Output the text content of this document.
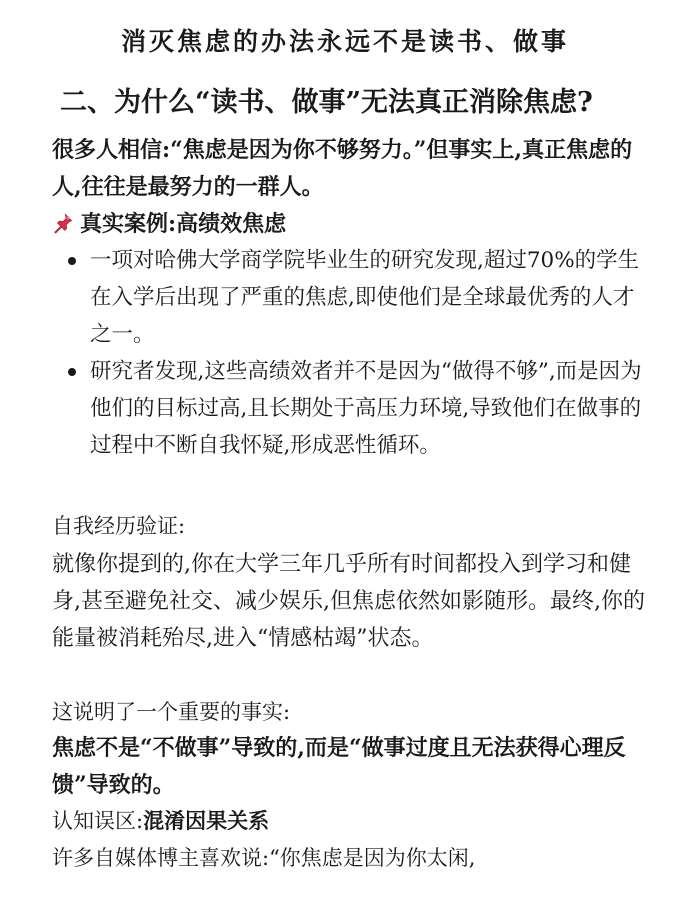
消灭焦虑的办法永远不是读书、做事
二、为什么“读书、做事”无法真正消除焦虑?
很多人相信:“焦虑是因为你不够努力。”但事实上,真正焦虑的人,往往是最努力的一群人。
真实案例:高绩效焦虑
一项对哈佛大学商学院毕业生的研究发现,超过70%的学生在入学后出现了严重的焦虑,即使他们是全球最优秀的人才之一。
研究者发现,这些高绩效者并不是因为“做得不够”,而是因为他们的目标过高,且长期处于高压力环境,导致他们在做事的过程中不断自我怀疑,形成恶性循环。
自我经历验证:
就像你提到的,你在大学三年几乎所有时间都投入到学习和健身,甚至避免社交、减少娱乐,但焦虑依然如影随形。最终,你的能量被消耗殆尽,进入“情感枯竭”状态。
这说明了一个重要的事实:
焦虑不是“不做事”导致的,而是“做事过度且无法获得心理反馈”导致的。
认知误区:混淆因果关系
许多自媒体博主喜欢说:“你焦虑是因为你太闲,
